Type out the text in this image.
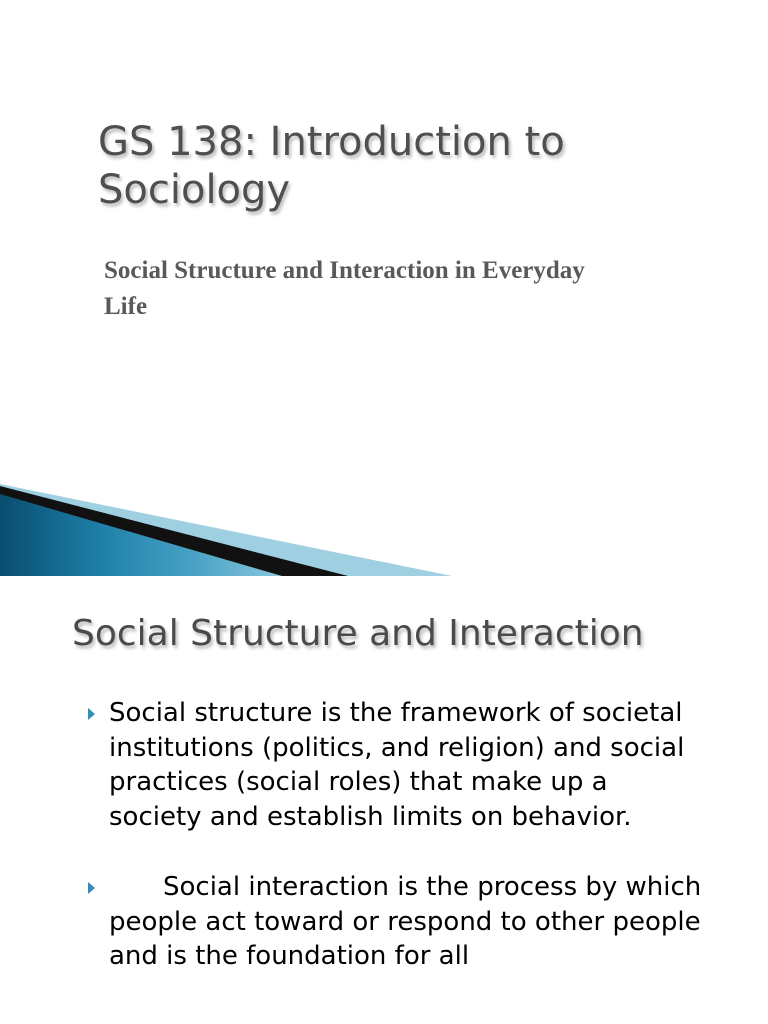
GS 138: Introduction to Sociology

Social Structure and Interaction in Everyday Life

Social Structure and Interaction
Social structure is the framework of societal institutions (politics, and religion) and social practices (social roles) that make up a society and establish limits on behavior.
Social interaction is the process by which people act toward or respond to other people and is the foundation for all
